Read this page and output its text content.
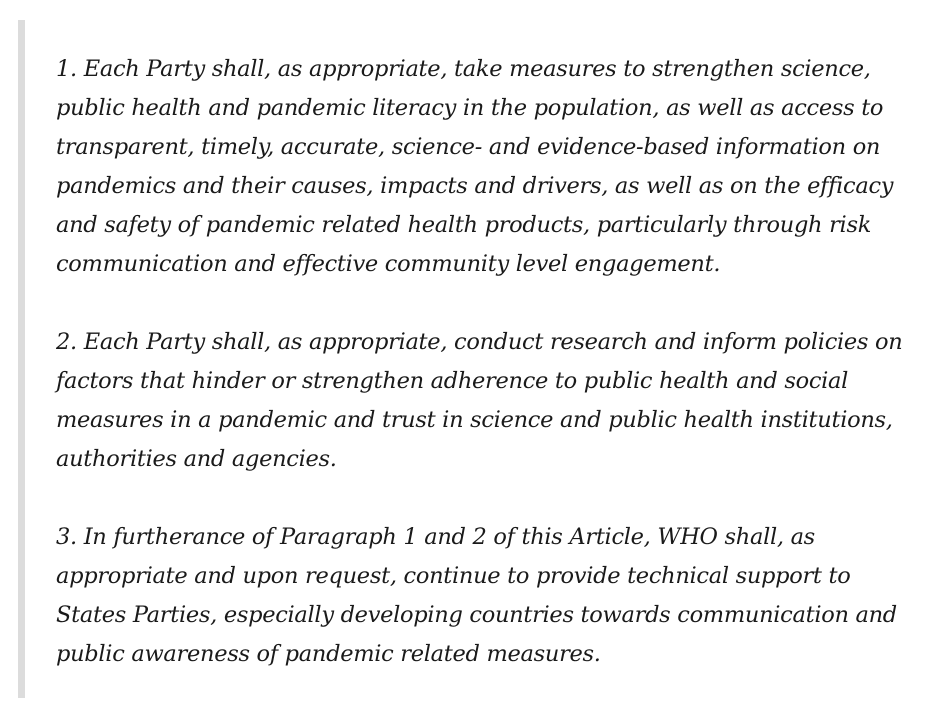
1. Each Party shall, as appropriate, take measures to strengthen science, public health and pandemic literacy in the population, as well as access to transparent, timely, accurate, science- and evidence-based information on pandemics and their causes, impacts and drivers, as well as on the efficacy and safety of pandemic related health products, particularly through risk communication and effective community level engagement.

2. Each Party shall, as appropriate, conduct research and inform policies on factors that hinder or strengthen adherence to public health and social measures in a pandemic and trust in science and public health institutions, authorities and agencies.

3. In furtherance of Paragraph 1 and 2 of this Article, WHO shall, as appropriate and upon request, continue to provide technical support to States Parties, especially developing countries towards communication and public awareness of pandemic related measures.
